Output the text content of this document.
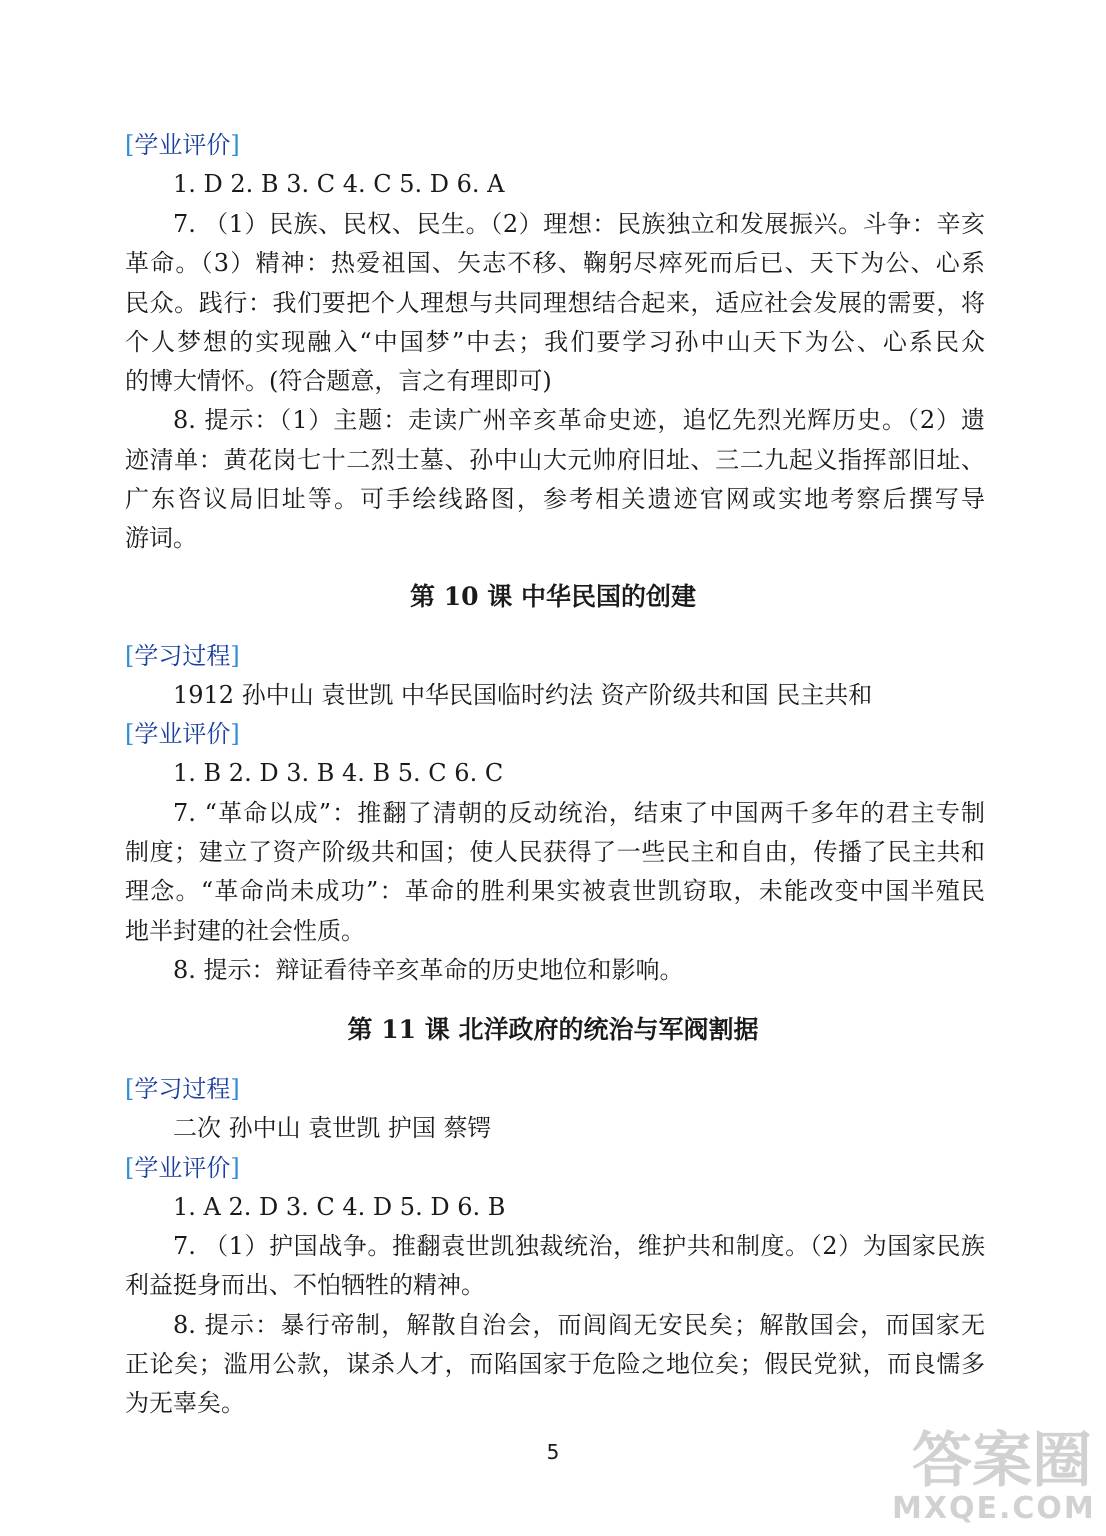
[学业评价]

1. D 2. B 3. C 4. C 5. D 6. A

7. （1）民族、民权、民生。（2）理想：民族独立和发展振兴。斗争：辛亥

革命。（3）精神：热爱祖国、矢志不移、鞠躬尽瘁死而后已、天下为公、心系

民众。践行：我们要把个人理想与共同理想结合起来，适应社会发展的需要，将

个人梦想的实现融入“中国梦”中去；我们要学习孙中山天下为公、心系民众

的博大情怀。(符合题意，言之有理即可)

8. 提示：（1）主题：走读广州辛亥革命史迹，追忆先烈光辉历史。（2）遗

迹清单：黄花岗七十二烈士墓、孙中山大元帅府旧址、三二九起义指挥部旧址、

广东咨议局旧址等。可手绘线路图，参考相关遗迹官网或实地考察后撰写导

游词。

第 10 课 中华民国的创建

[学习过程]

1912 孙中山 袁世凯 中华民国临时约法 资产阶级共和国 民主共和

[学业评价]

1. B 2. D 3. B 4. B 5. C 6. C

7. “革命以成”：推翻了清朝的反动统治，结束了中国两千多年的君主专制

制度；建立了资产阶级共和国；使人民获得了一些民主和自由，传播了民主共和

理念。“革命尚未成功”：革命的胜利果实被袁世凯窃取，未能改变中国半殖民

地半封建的社会性质。

8. 提示：辩证看待辛亥革命的历史地位和影响。

第 11 课 北洋政府的统治与军阀割据

[学习过程]

二次 孙中山 袁世凯 护国 蔡锷

[学业评价]

1. A 2. D 3. C 4. D 5. D 6. B

7. （1）护国战争。推翻袁世凯独裁统治，维护共和制度。（2）为国家民族

利益挺身而出、不怕牺牲的精神。

8. 提示：暴行帝制，解散自治会，而闾阎无安民矣；解散国会，而国家无

正论矣；滥用公款，谋杀人才，而陷国家于危险之地位矣；假民党狱，而良懦多

为无辜矣。

5	答案圈
MXQE.COM
